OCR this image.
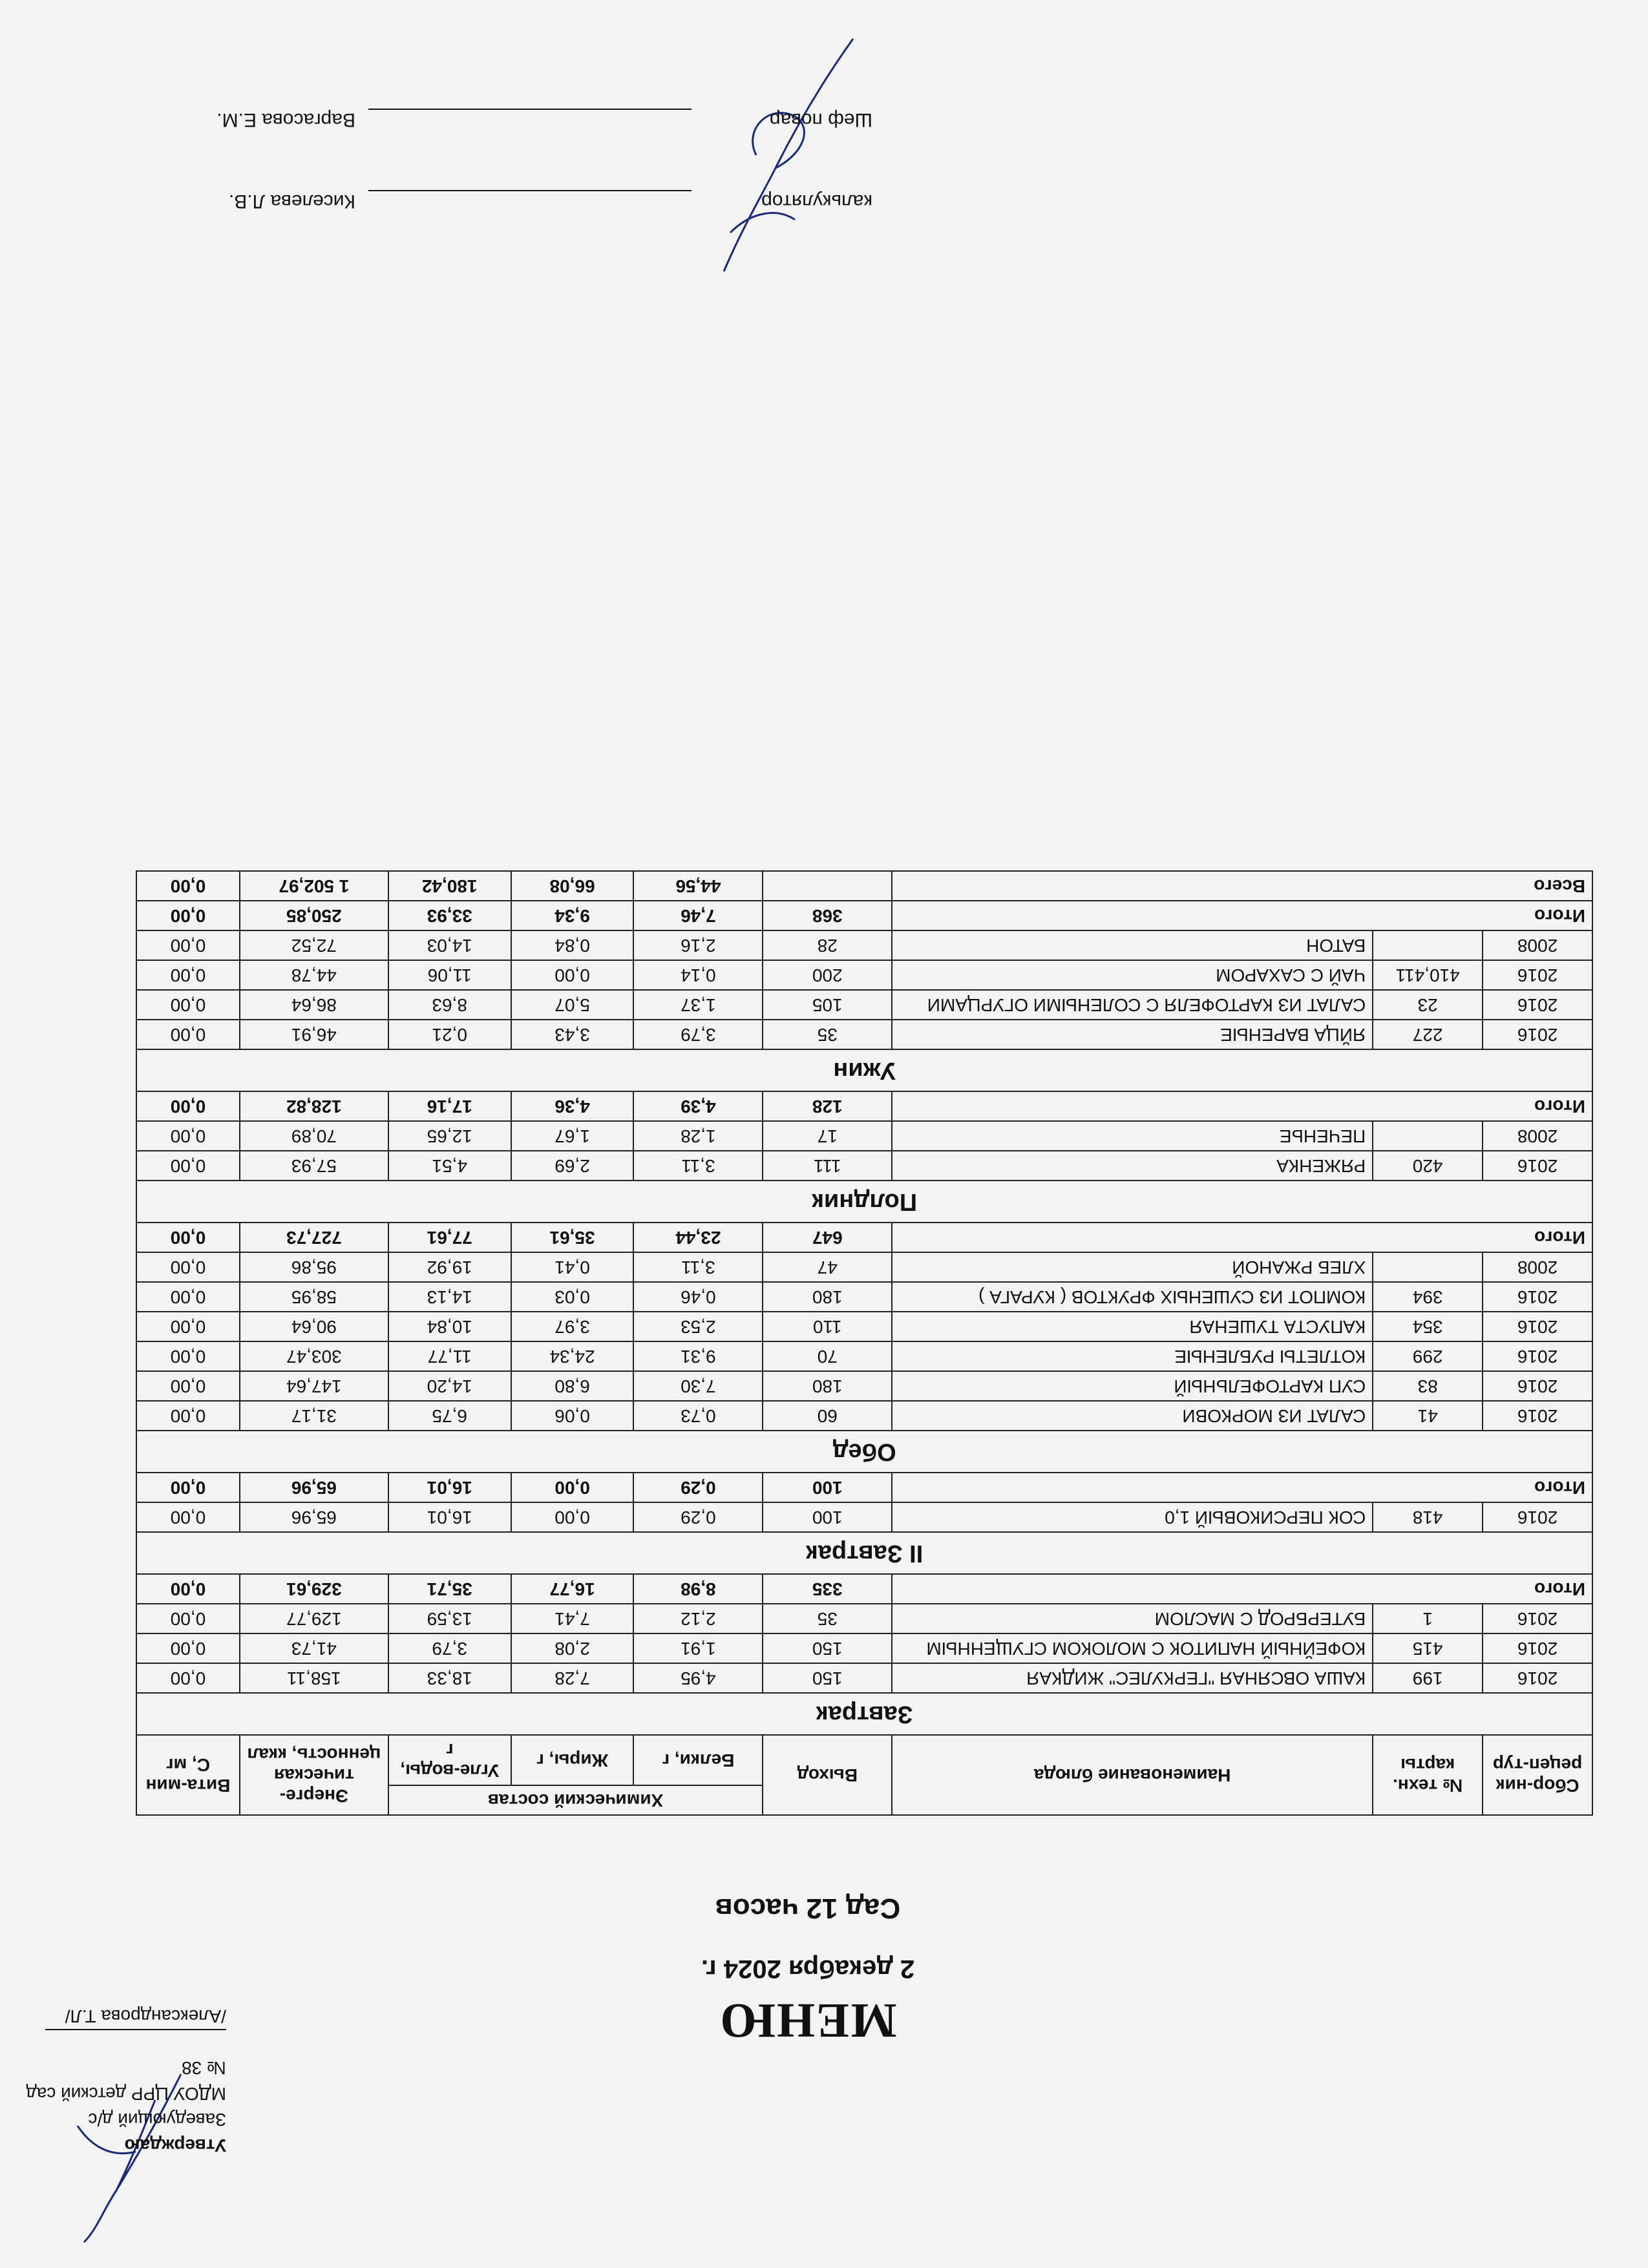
Утверждаю
Заведующий д/с
МДОУ ЦРР детский сад № 38
/Александрова Т.Л/	МЕНЮ
2 декабря 2024 г.
Сад 12 часов
Сбор-ник рецеп-тур	№ техн. карты	Наименование блюда	Выход	Химический состав			Энерге-тическая ценность, ккал	Вита-мин С, мг
				Белки, г	Жиры, г	Угле-воды, г		
Завтрак								
2016	199	КАША ОВСЯНАЯ "ГЕРКУЛЕС" ЖИДКАЯ	150	4,95	7,28	18,33	158,11	0,00
2016	415	КОФЕЙНЫЙ НАПИТОК С МОЛОКОМ СГУЩЕННЫМ	150	1,91	2,08	3,79	41,73	0,00
2016	1	БУТЕРБРОД С МАСЛОМ	35	2,12	7,41	13,59	129,77	0,00
Итого			335	8,98	16,77	35,71	329,61	0,00
II Завтрак								
2016	418	СОК ПЕРСИКОВЫЙ 1,0	100	0,29	0,00	16,01	65,96	0,00
Итого			100	0,29	0,00	16,01	65,96	0,00
Обед								
2016	41	САЛАТ ИЗ МОРКОВИ	60	0,73	0,06	6,75	31,17	0,00
2016	83	СУП КАРТОФЕЛЬНЫЙ	180	7,30	6,80	14,20	147,64	0,00
2016	299	КОТЛЕТЫ РУБЛЕНЫЕ	70	9,31	24,34	11,77	303,47	0,00
2016	354	КАПУСТА ТУШЕНАЯ	110	2,53	3,97	10,84	90,64	0,00
2016	394	КОМПОТ ИЗ СУШЕНЫХ ФРУКТОВ ( КУРАГА )	180	0,46	0,03	14,13	58,95	0,00
2008		ХЛЕБ РЖАНОЙ	47	3,11	0,41	19,92	95,86	0,00
Итого			647	23,44	35,61	77,61	727,73	0,00
Полдник								
2016	420	РЯЖЕНКА	111	3,11	2,69	4,51	57,93	0,00
2008		ПЕЧЕНЬЕ	17	1,28	1,67	12,65	70,89	0,00
Итого			128	4,39	4,36	17,16	128,82	0,00
Ужин								
2016	227	ЯЙЦА ВАРЕНЫЕ	35	3,79	3,43	0,21	46,91	0,00
2016	23	САЛАТ ИЗ КАРТОФЕЛЯ С СОЛЕНЫМИ ОГУРЦАМИ	105	1,37	5,07	8,63	86,64	0,00
2016	410,411	ЧАЙ С САХАРОМ	200	0,14	0,00	11,06	44,78	0,00
2008		БАТОН	28	2,16	0,84	14,03	72,52	0,00
Итого			368	7,46	9,34	33,93	250,85	0,00
Всего				44,56	66,08	180,42	1 502,97	0,00
калькулятор
Киселева Л.В.
Шеф повар
Варгасова Е.М.
